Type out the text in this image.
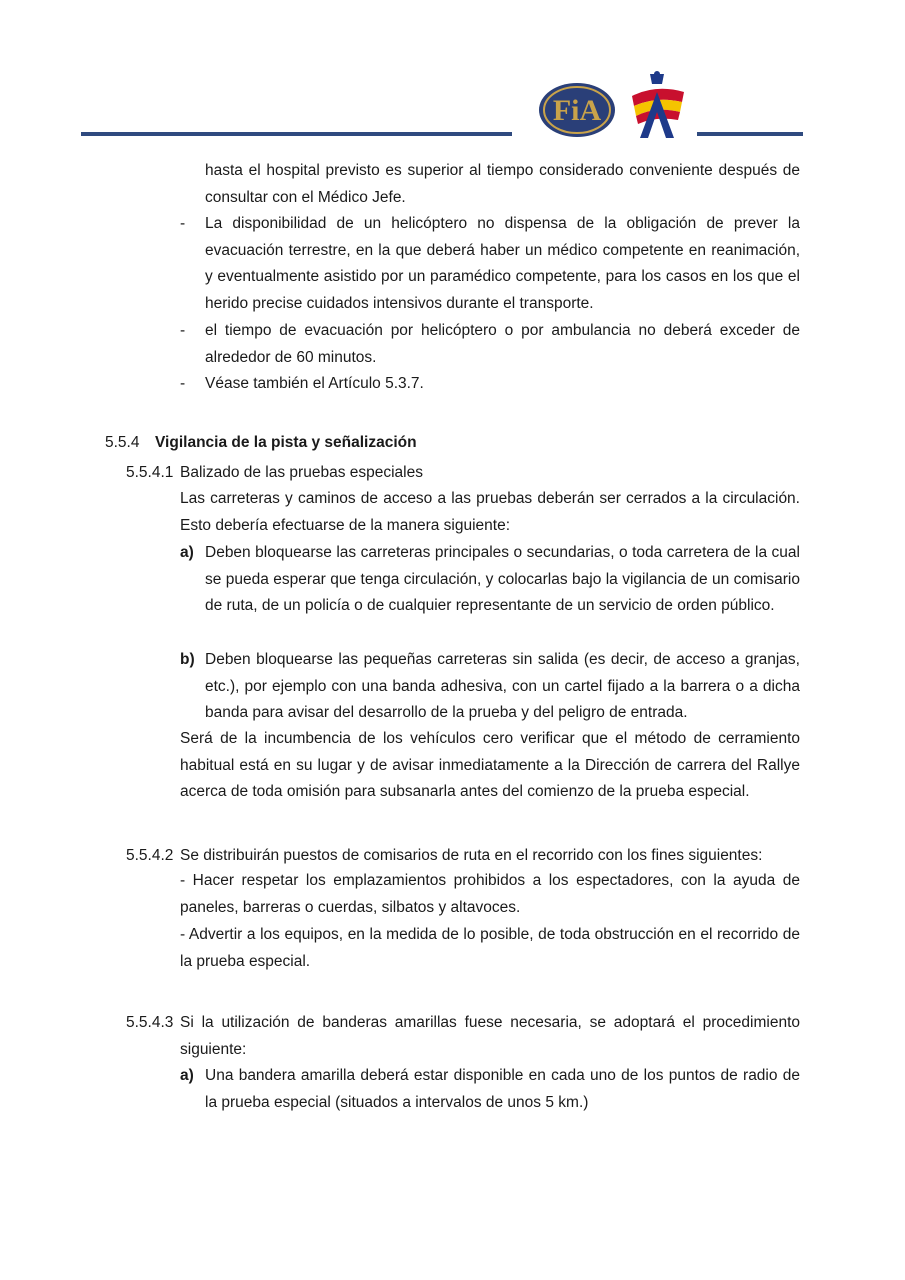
FiA
hasta el hospital previsto es superior al tiempo considerado conveniente después de consultar con el Médico Jefe.
- La disponibilidad de un helicóptero no dispensa de la obligación de prever la evacuación terrestre, en la que deberá haber un médico competente en reanimación, y eventualmente asistido por un paramédico competente, para los casos en los que el herido precise cuidados intensivos durante el transporte.
- el tiempo de evacuación por helicóptero o por ambulancia no deberá exceder de alrededor de 60 minutos.
- Véase también el Artículo 5.3.7.
5.5.4 Vigilancia de la pista y señalización
5.5.4.1 Balizado de las pruebas especiales
Las carreteras y caminos de acceso a las pruebas deberán ser cerrados a la circulación. Esto debería efectuarse de la manera siguiente:
a) Deben bloquearse las carreteras principales o secundarias, o toda carretera de la cual se pueda esperar que tenga circulación, y colocarlas bajo la vigilancia de un comisario de ruta, de un policía o de cualquier representante de un servicio de orden público.
b) Deben bloquearse las pequeñas carreteras sin salida (es decir, de acceso a granjas, etc.), por ejemplo con una banda adhesiva, con un cartel fijado a la barrera o a dicha banda para avisar del desarrollo de la prueba y del peligro de entrada.
Será de la incumbencia de los vehículos cero verificar que el método de cerramiento habitual está en su lugar y de avisar inmediatamente a la Dirección de carrera del Rallye acerca de toda omisión para subsanarla antes del comienzo de la prueba especial.
5.5.4.2 Se distribuirán puestos de comisarios de ruta en el recorrido con los fines siguientes:
- Hacer respetar los emplazamientos prohibidos a los espectadores, con la ayuda de paneles, barreras o cuerdas, silbatos y altavoces.
- Advertir a los equipos, en la medida de lo posible, de toda obstrucción en el recorrido de la prueba especial.
5.5.4.3 Si la utilización de banderas amarillas fuese necesaria, se adoptará el procedimiento siguiente:
a) Una bandera amarilla deberá estar disponible en cada uno de los puntos de radio de la prueba especial (situados a intervalos de unos 5 km.)
